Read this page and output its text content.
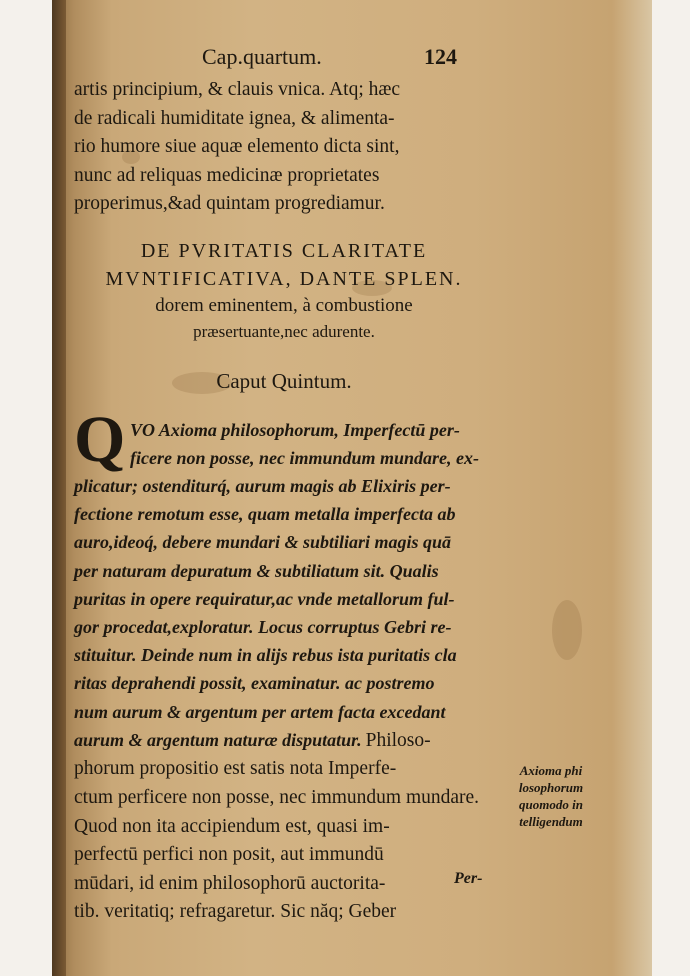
Cap.quartum.	124

artis principium, & clauis vnica. Atq; hæc
de radicali humiditate ignea, & alimenta-
rio humore siue aquæ elemento dicta sint,
nunc ad reliquas medicinæ proprietates
properimus,&ad quintam progrediamur.

DE PVRITATIS CLARITATE
MVNTIFICATIVA, DANTE SPLEN.
dorem eminentem, à combustione
præsertuante,nec adurente.
Caput Quintum.
Q VO Axioma philosophorum, Imperfectū per-
ficere non posse, nec immundum mundare, ex-
plicatur; ostenditurq́, aurum magis ab Elixiris per-
fectione remotum esse, quam metalla imperfecta ab
auro,ideoq́, debere mundari & subtiliari magis quā
per naturam depuratum & subtiliatum sit. Qualis
puritas in opere requiratur,ac vnde metallorum ful-
gor procedat,exploratur. Locus corruptus Gebri re-
stituitur. Deinde num in alijs rebus ista puritatis cla
ritas deprahendi possit, examinatur. ac postremo
num aurum & argentum per artem facta excedant
aurum & argentum naturæ disputatur. Philoso-
phorum propositio est satis nota Imperfe-
ctum perficere non posse, nec immundum mundare.
Quod non ita accipiendum est, quasi im-
perfectū perfici non posit, aut immundū
mūdari, id enim philosophorū auctorita-
tib. veritatiq; refragaretur. Sic năq; Geber
Axioma phi
losophorum
quomodo in
telligendum
Per-
